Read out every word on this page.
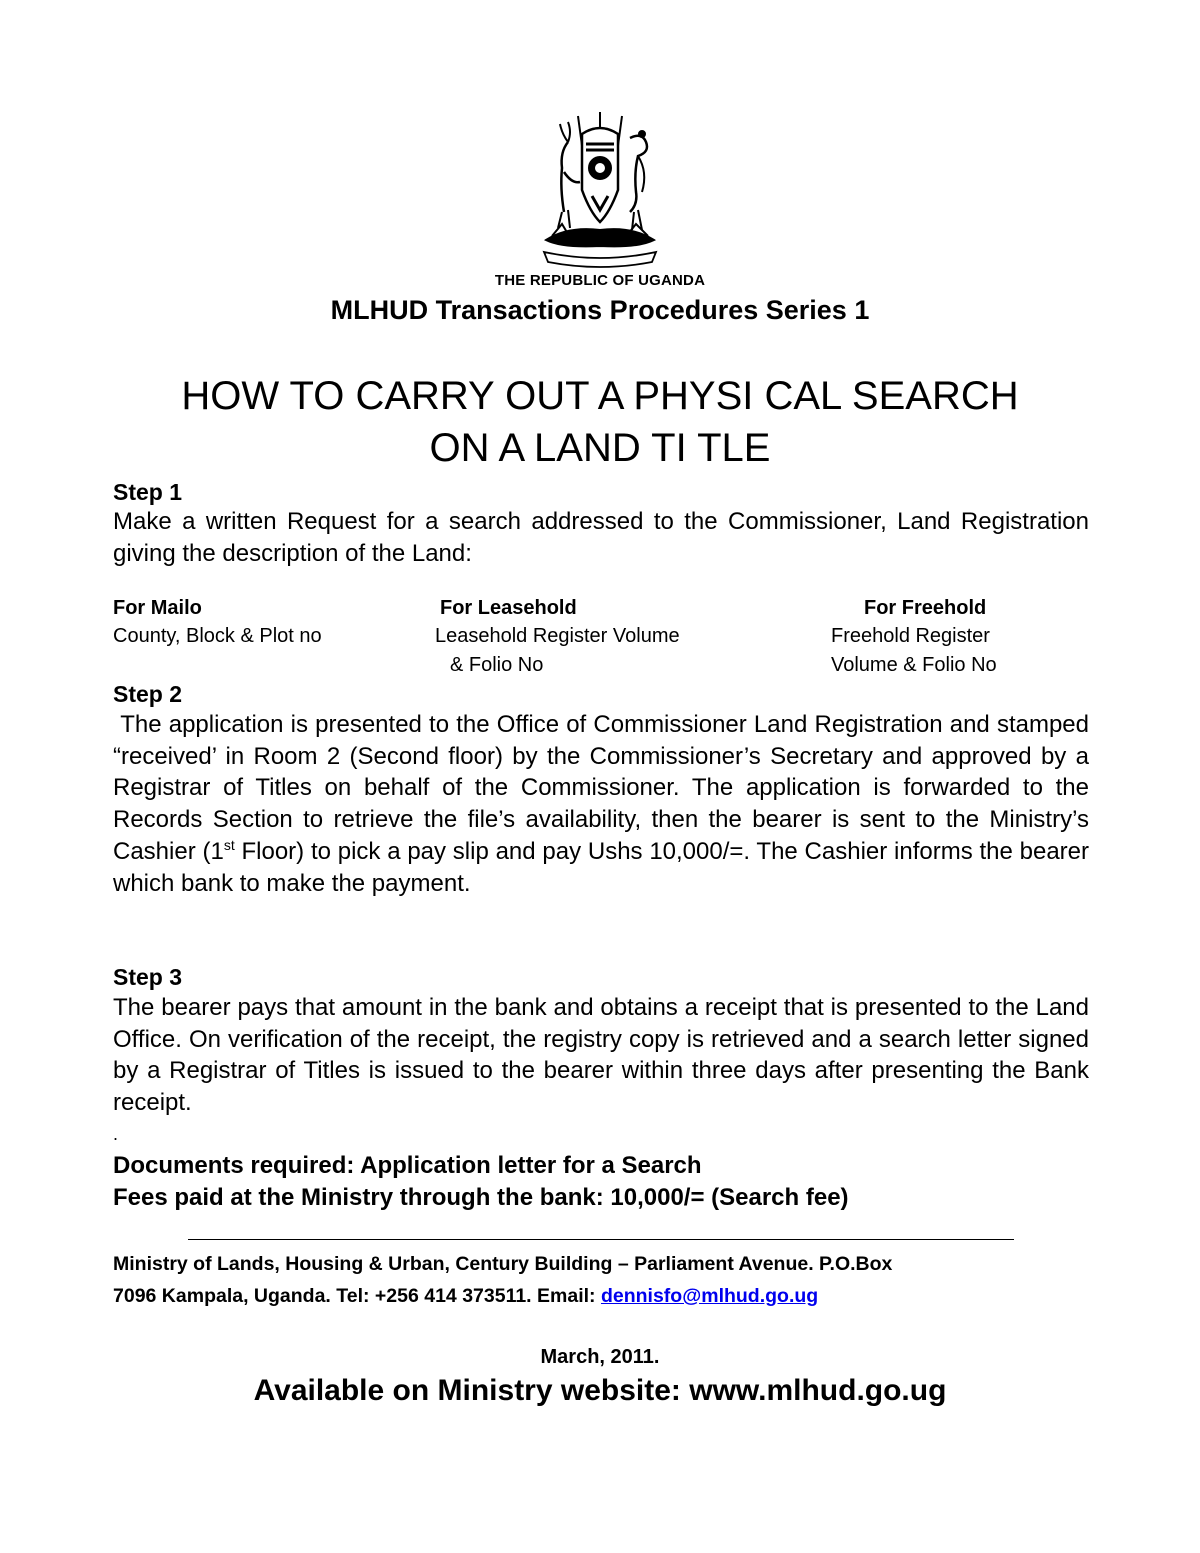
THE REPUBLIC OF UGANDA
MLHUD Transactions Procedures Series 1
HOW TO CARRY OUT A PHYSI CAL SEARCH
ON A LAND TI TLE
Step 1
Make a written Request for a search addressed to the Commissioner, Land Registration giving the description of the Land:
For Mailo
County, Block & Plot no
For Leasehold
Leasehold Register Volume
& Folio No
For Freehold
Freehold Register
Volume & Folio No
Step 2
The application is presented to the Office of Commissioner Land Registration and stamped “received’ in Room 2 (Second floor) by the Commissioner’s Secretary and approved by a Registrar of Titles on behalf of the Commissioner. The application is forwarded to the Records Section to retrieve the file’s availability, then the bearer is sent to the Ministry’s Cashier (1st Floor) to pick a pay slip and pay Ushs 10,000/=. The Cashier informs the bearer which bank to make the payment.
Step 3
The bearer pays that amount in the bank and obtains a receipt that is presented to the Land Office. On verification of the receipt, the registry copy is retrieved and a search letter signed by a Registrar of Titles is issued to the bearer within three days after presenting the Bank receipt.
.
Documents required: Application letter for a Search
Fees paid at the Ministry through the bank: 10,000/= (Search fee)
Ministry of Lands, Housing & Urban, Century Building – Parliament Avenue. P.O.Box
7096 Kampala, Uganda. Tel: +256 414 373511. Email: dennisfo@mlhud.go.ug
March, 2011.
Available on Ministry website: www.mlhud.go.ug
